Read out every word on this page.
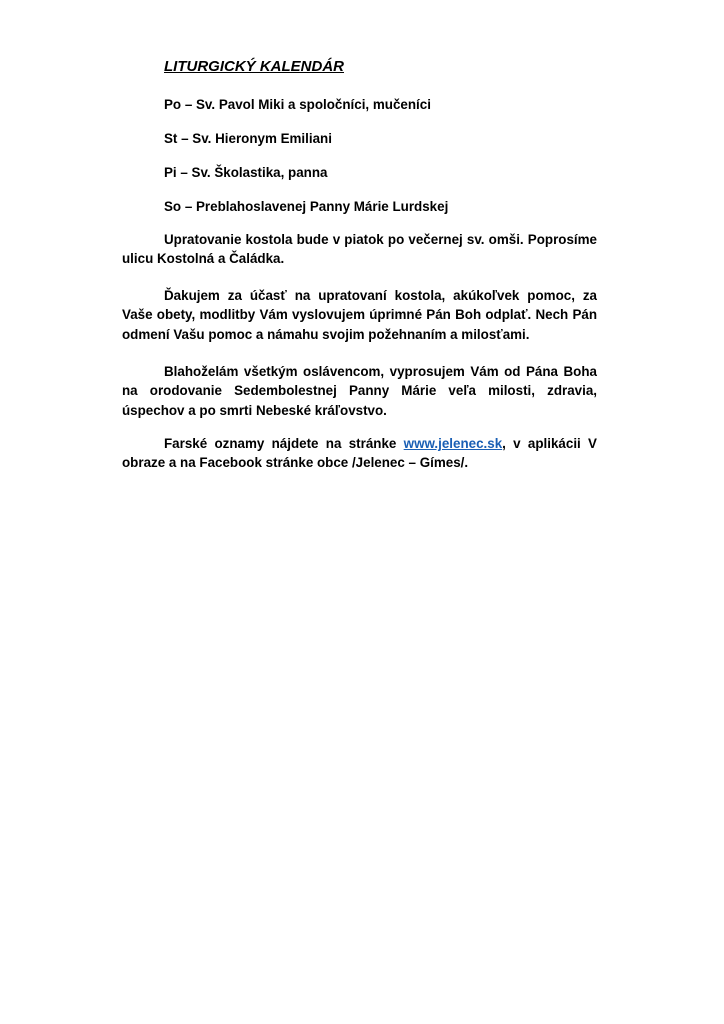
LITURGICKÝ KALENDÁR
Po – Sv. Pavol Miki a spoločníci, mučeníci
St – Sv. Hieronym Emiliani
Pi – Sv. Školastika, panna
So – Preblahoslavenej Panny Márie Lurdskej

Upratovanie kostola bude v piatok po večernej sv. omši. Poprosíme ulicu Kostolná a Čaládka.

Ďakujem za účasť na upratovaní kostola, akúkoľvek pomoc, za Vaše obety, modlitby Vám vyslovujem úprimné Pán Boh odplať. Nech Pán odmení Vašu pomoc a námahu svojim požehnaním a milosťami.

Blahoželám všetkým oslávencom, vyprosujem Vám od Pána Boha na orodovanie Sedembolestnej Panny Márie veľa milosti, zdravia, úspechov a po smrti Nebeské kráľovstvo.

Farské oznamy nájdete na stránke www.jelenec.sk, v aplikácii V obraze a na Facebook stránke obce /Jelenec – Gímes/.
